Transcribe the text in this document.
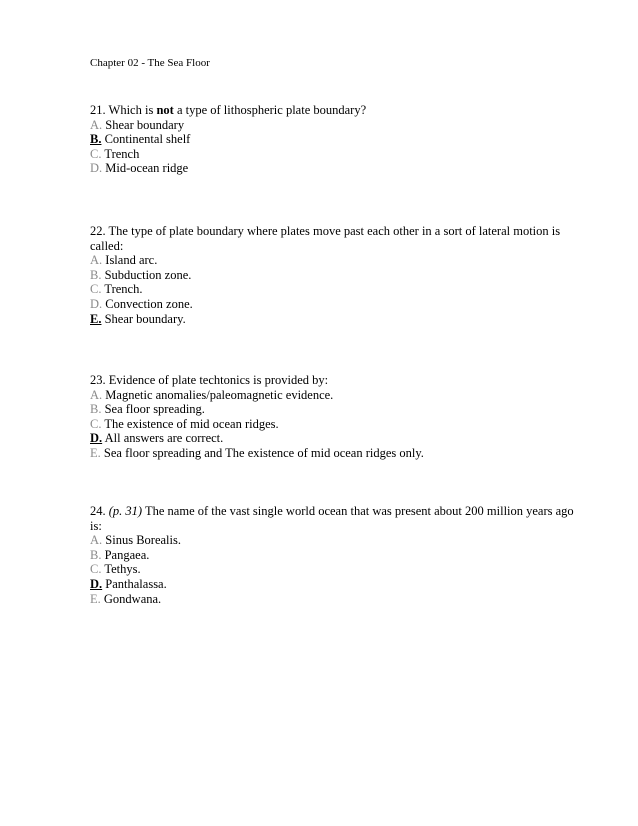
Chapter 02 - The Sea Floor

21. Which is not a type of lithospheric plate boundary?

A. Shear boundary

B. Continental shelf

C. Trench

D. Mid-ocean ridge

22. The type of plate boundary where plates move past each other in a sort of lateral motion is called:

A. Island arc.

B. Subduction zone.

C. Trench.

D. Convection zone.

E. Shear boundary.

23. Evidence of plate techtonics is provided by:

A. Magnetic anomalies/paleomagnetic evidence.

B. Sea floor spreading.

C. The existence of mid ocean ridges.

D. All answers are correct.

E. Sea floor spreading and The existence of mid ocean ridges only.

24. (p. 31) The name of the vast single world ocean that was present about 200 million years ago is:

A. Sinus Borealis.

B. Pangaea.

C. Tethys.

D. Panthalassa.

E. Gondwana.
